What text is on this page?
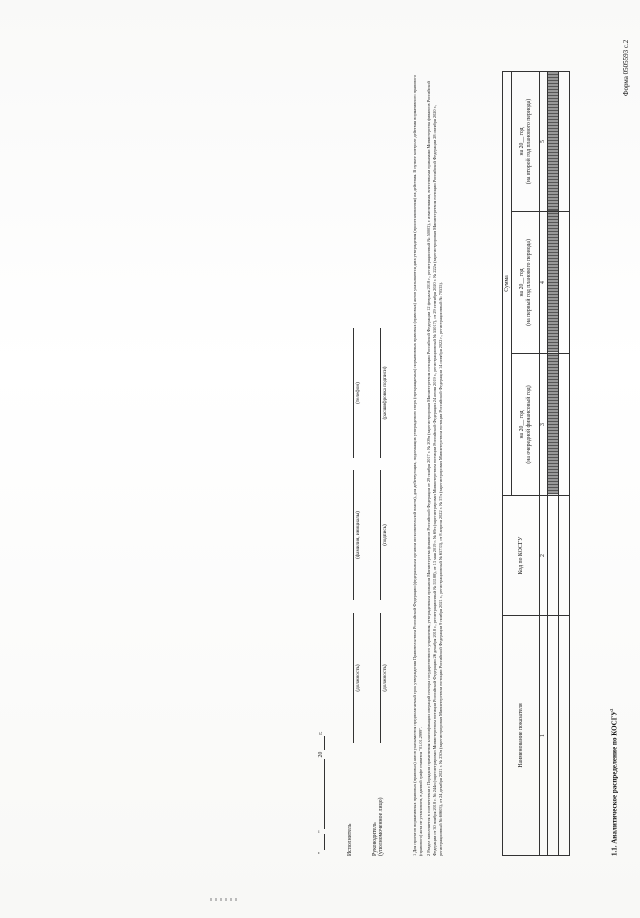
Форма 0505593 с.2
1.1. Аналитическое распределение по КОСГУ$^2$
Наименование показателя	Код по КОСГУ	Сумма		

		на 20__ год (на очередной финансовый год)	на 20__ год (на первый год планового периода)	на 20__ год (на второй год планового периода)

1	2	3	4	5

1 Для проектов нормативных правовых (правовых) актов указываются предполагаемый срок утверждения Правительством Российской Федерации (федеральным органом исполнительной власти), для действующих, подлежащих утверждению сверх (прекращаемых) нормативных правовых (правовых) актов указываются дата утверждения (приостановления) их действия. В пункте контроле действия нормативного правового (правового) акта не установлен, в данной графе ставится "01.01.2999". 2 Раздел заполняется в соответствии с Порядком применения классификации операций сектора государственного управления, утвержденным приказом Министерства финансов Российской Федерации от 29 ноября 2017 г. № 209н (зарегистрирован Министерством юстиции Российской Федерации 12 февраля 2018 г., регистрационный № 50003), с изменениями, внесенными приказами Министерства финансов Российской Федерации от 30 ноября 2018 г. № 244н (зарегистрирован Министерством юстиции Российской Федерации 26 декабря 2018 г., регистрационный № 53188), от 13 мая 2019 г. № 69н (зарегистрирован Министерством юстиции Российской Федерации 24 июня 2019 г., регистрационный № 55017), от 29 сентября 2020 г. № 222н (зарегистрирован Министерством юстиции Российской Федерации 28 октября 2020 г., регистрационный № 60603), от 24 декабря 2021 г. № 230н (зарегистрирован Министерством юстиции Российской Федерации 9 ноября 2021 г., регистрационный № 65733), от 8 апреля 2022 г. № 57н (зарегистрирован Министерством юстиции Российской Федерации 14 октября 2022 г., регистрационный № 70535).
Руководитель (уполномоченное лицо)
(должность)
(подпись)
(расшифровка подписи)
Исполнитель
(должность)
(фамилия, инициалы)
(телефон)
"   "   20   г.
